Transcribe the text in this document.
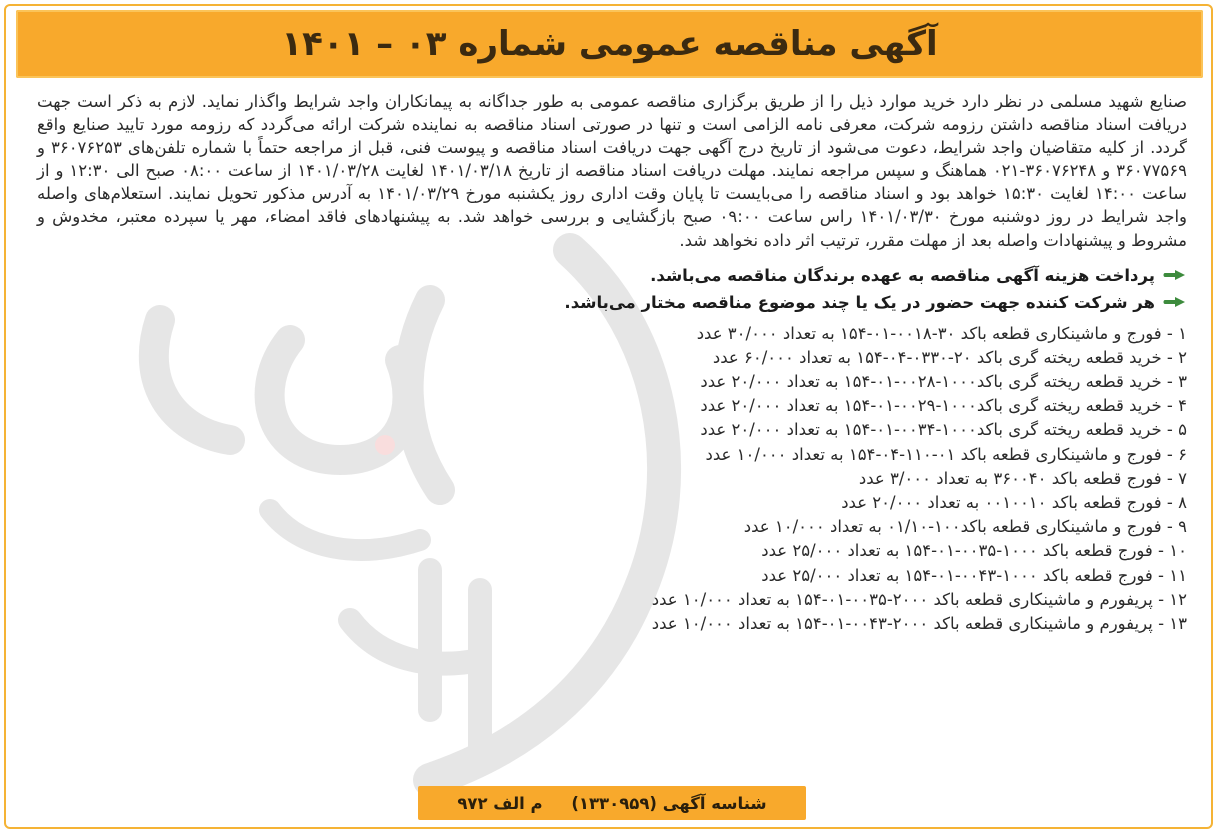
آگهی مناقصه عمومی شماره ۰۳ – ۱۴۰۱

صنایع شهید مسلمی در نظر دارد خرید موارد ذیل را از طریق برگزاری مناقصه عمومی به طور جداگانه به پیمانکاران واجد شرایط واگذار نماید. لازم به ذکر است جهت دریافت اسناد مناقصه داشتن رزومه شرکت، معرفی نامه الزامی است و تنها در صورتی اسناد مناقصه به نماینده شرکت ارائه می‌گردد که رزومه مورد تایید صنایع واقع گردد. از کلیه متقاضیان واجد شرایط، دعوت می‌شود از تاریخ درج آگهی جهت دریافت اسناد مناقصه و پیوست فنی، قبل از مراجعه حتماً با شماره تلفن‌های ۳۶۰۷۶۲۵۳ و ۳۶۰۷۷۵۶۹ و ۳۶۰۷۶۲۴۸-۰۲۱ هماهنگ و سپس مراجعه نمایند. مهلت دریافت اسناد مناقصه از تاریخ ۱۴۰۱/۰۳/۱۸ لغایت ۱۴۰۱/۰۳/۲۸ از ساعت ۰۸:۰۰ صبح الی ۱۲:۳۰ و از ساعت ۱۴:۰۰ لغایت ۱۵:۳۰ خواهد بود و اسناد مناقصه را می‌بایست تا پایان وقت اداری روز یکشنبه مورخ ۱۴۰۱/۰۳/۲۹ به آدرس مذکور تحویل نمایند. استعلام‌های واصله واجد شرایط در روز دوشنبه مورخ ۱۴۰۱/۰۳/۳۰ راس ساعت ۰۹:۰۰ صبح بازگشایی و بررسی خواهد شد. به پیشنهادهای فاقد امضاء، مهر یا سپرده معتبر، مخدوش و مشروط و پیشنهادات واصله بعد از مهلت مقرر، ترتیب اثر داده نخواهد شد.

پرداخت هزینه آگهی مناقصه به عهده برندگان مناقصه می‌باشد.
هر شرکت کننده جهت حضور در یک یا چند موضوع مناقصه مختار می‌باشد.
۱ - فورج و ماشینکاری قطعه باکد ۳۰-۰۰۱۸-۰۱-۱۵۴ به تعداد ۳۰/۰۰۰ عدد
۲ - خرید قطعه ریخته گری باکد ۲۰-۰۳۳۰-۰۴-۱۵۴ به تعداد ۶۰/۰۰۰ عدد
۳ - خرید قطعه ریخته گری باکد۱۰۰۰-۰۰۲۸-۰۱-۱۵۴ به تعداد ۲۰/۰۰۰ عدد
۴ - خرید قطعه ریخته گری باکد۱۰۰۰-۰۰۲۹-۰۱-۱۵۴ به تعداد ۲۰/۰۰۰ عدد
۵ - خرید قطعه ریخته گری باکد۱۰۰۰-۰۰۳۴-۰۱-۱۵۴ به تعداد ۲۰/۰۰۰ عدد
۶ - فورج و ماشینکاری قطعه باکد ۰۱-۱۱۰-۰۴-۱۵۴ به تعداد ۱۰/۰۰۰ عدد
۷ - فورج قطعه باکد ۳۶۰۰۴۰ به تعداد ۳/۰۰۰ عدد
۸ - فورج قطعه باکد ۰۰۱۰۰۱۰ به تعداد ۲۰/۰۰۰ عدد
۹ - فورج و ماشینکاری قطعه باکد۱۰۰-۰۱/۱۰ به تعداد ۱۰/۰۰۰ عدد
۱۰ - فورج قطعه باکد ۱۰۰۰-۰۰۳۵-۰۱-۱۵۴ به تعداد ۲۵/۰۰۰ عدد
۱۱ - فورج قطعه باکد ۱۰۰۰-۰۰۴۳-۰۱-۱۵۴ به تعداد ۲۵/۰۰۰ عدد
۱۲ - پریفورم و ماشینکاری قطعه باکد ۲۰۰۰-۰۰۳۵-۰۱-۱۵۴ به تعداد ۱۰/۰۰۰ عدد
۱۳ - پریفورم و ماشینکاری قطعه باکد ۲۰۰۰-۰۰۴۳-۰۱-۱۵۴ به تعداد ۱۰/۰۰۰ عدد
شناسه آگهی (۱۳۳۰۹۵۹)     م الف ۹۷۲
